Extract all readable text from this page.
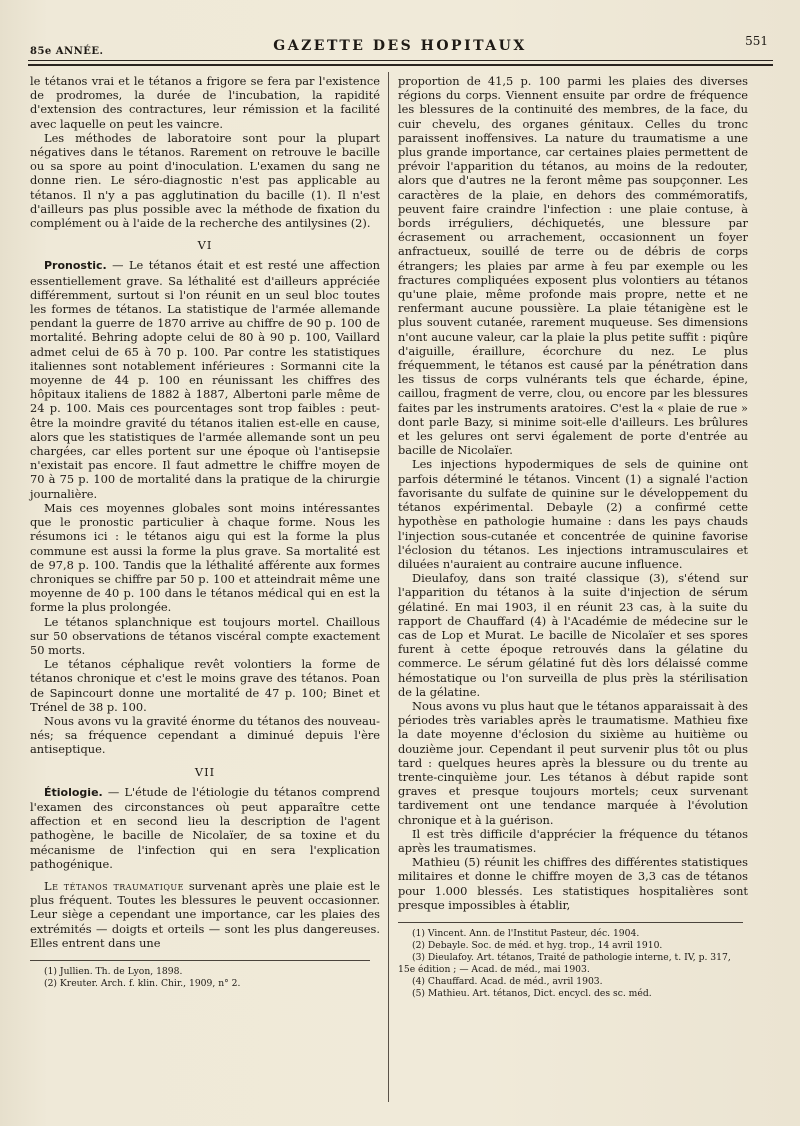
85e ANNÉE.	GAZETTE DES HOPITAUX	551

le tétanos vrai et le tétanos a frigore se fera par l'existence de prodromes, la durée de l'incubation, la rapidité d'extension des contractures, leur rémission et la facilité avec laquelle on peut les vaincre.

Les méthodes de laboratoire sont pour la plupart négatives dans le tétanos. Rarement on retrouve le bacille ou sa spore au point d'inoculation. L'examen du sang ne donne rien. Le séro-diagnostic n'est pas applicable au tétanos. Il n'y a pas agglutination du bacille (1). Il n'est d'ailleurs pas plus possible avec la méthode de fixation du complément ou à l'aide de la recherche des antilysines (2).

VI

Pronostic. — Le tétanos était et est resté une affection essentiellement grave. Sa léthalité est d'ailleurs appréciée différemment, surtout si l'on réunit en un seul bloc toutes les formes de tétanos. La statistique de l'armée allemande pendant la guerre de 1870 arrive au chiffre de 90 p. 100 de mortalité. Behring adopte celui de 80 à 90 p. 100, Vaillard admet celui de 65 à 70 p. 100. Par contre les statistiques italiennes sont notablement inférieures : Sormanni cite la moyenne de 44 p. 100 en réunissant les chiffres des hôpitaux italiens de 1882 à 1887, Albertoni parle même de 24 p. 100. Mais ces pourcentages sont trop faibles : peut-être la moindre gravité du tétanos italien est-elle en cause, alors que les statistiques de l'armée allemande sont un peu chargées, car elles portent sur une époque où l'antisepsie n'existait pas encore. Il faut admettre le chiffre moyen de 70 à 75 p. 100 de mortalité dans la pratique de la chirurgie journalière.

Mais ces moyennes globales sont moins intéressantes que le pronostic particulier à chaque forme. Nous les résumons ici : le tétanos aigu qui est la forme la plus commune est aussi la forme la plus grave. Sa mortalité est de 97,8 p. 100. Tandis que la léthalité afférente aux formes chroniques se chiffre par 50 p. 100 et atteindrait même une moyenne de 40 p. 100 dans le tétanos médical qui en est la forme la plus prolongée.

Le tétanos splanchnique est toujours mortel. Chaillous sur 50 observations de tétanos viscéral compte exactement 50 morts.

Le tétanos céphalique revêt volontiers la forme de tétanos chronique et c'est le moins grave des tétanos. Poan de Sapincourt donne une mortalité de 47 p. 100; Binet et Trénel de 38 p. 100.

Nous avons vu la gravité énorme du tétanos des nouveau-nés; sa fréquence cependant a diminué depuis l'ère antiseptique.

VII

Étiologie. — L'étude de l'étiologie du tétanos comprend l'examen des circonstances où peut apparaître cette affection et en second lieu la description de l'agent pathogène, le bacille de Nicolaïer, de sa toxine et du mécanisme de l'infection qui en sera l'explication pathogénique.

Le tétanos traumatique survenant après une plaie est le plus fréquent. Toutes les blessures le peuvent occasionner. Leur siège a cependant une importance, car les plaies des extrémités — doigts et orteils — sont les plus dangereuses. Elles entrent dans une

(1) Jullien. Th. de Lyon, 1898.

(2) Kreuter. Arch. f. klin. Chir., 1909, n° 2.

proportion de 41,5 p. 100 parmi les plaies des diverses régions du corps. Viennent ensuite par ordre de fréquence les blessures de la continuité des membres, de la face, du cuir chevelu, des organes génitaux. Celles du tronc paraissent inoffensives. La nature du traumatisme a une plus grande importance, car certaines plaies permettent de prévoir l'apparition du tétanos, au moins de la redouter, alors que d'autres ne la feront même pas soupçonner. Les caractères de la plaie, en dehors des commémoratifs, peuvent faire craindre l'infection : une plaie contuse, à bords irréguliers, déchiquetés, une blessure par écrasement ou arrachement, occasionnent un foyer anfractueux, souillé de terre ou de débris de corps étrangers; les plaies par arme à feu par exemple ou les fractures compliquées exposent plus volontiers au tétanos qu'une plaie, même profonde mais propre, nette et ne renfermant aucune poussière. La plaie tétanigène est le plus souvent cutanée, rarement muqueuse. Ses dimensions n'ont aucune valeur, car la plaie la plus petite suffit : piqûre d'aiguille, éraillure, écorchure du nez. Le plus fréquemment, le tétanos est causé par la pénétration dans les tissus de corps vulnérants tels que écharde, épine, caillou, fragment de verre, clou, ou encore par les blessures faites par les instruments aratoires. C'est la « plaie de rue » dont parle Bazy, si minime soit-elle d'ailleurs. Les brûlures et les gelures ont servi également de porte d'entrée au bacille de Nicolaïer.

Les injections hypodermiques de sels de quinine ont parfois déterminé le tétanos. Vincent (1) a signalé l'action favorisante du sulfate de quinine sur le développement du tétanos expérimental. Debayle (2) a confirmé cette hypothèse en pathologie humaine : dans les pays chauds l'injection sous-cutanée et concentrée de quinine favorise l'éclosion du tétanos. Les injections intramusculaires et diluées n'auraient au contraire aucune influence.

Dieulafoy, dans son traité classique (3), s'étend sur l'apparition du tétanos à la suite d'injection de sérum gélatiné. En mai 1903, il en réunit 23 cas, à la suite du rapport de Chauffard (4) à l'Académie de médecine sur le cas de Lop et Murat. Le bacille de Nicolaïer et ses spores furent à cette époque retrouvés dans la gélatine du commerce. Le sérum gélatiné fut dès lors délaissé comme hémostatique ou l'on surveilla de plus près la stérilisation de la gélatine.

Nous avons vu plus haut que le tétanos apparaissait à des périodes très variables après le traumatisme. Mathieu fixe la date moyenne d'éclosion du sixième au huitième ou douzième jour. Cependant il peut survenir plus tôt ou plus tard : quelques heures après la blessure ou du trente au trente-cinquième jour. Les tétanos à début rapide sont graves et presque toujours mortels; ceux survenant tardivement ont une tendance marquée à l'évolution chronique et à la guérison.

Il est très difficile d'apprécier la fréquence du tétanos après les traumatismes.

Mathieu (5) réunit les chiffres des différentes statistiques militaires et donne le chiffre moyen de 3,3 cas de tétanos pour 1.000 blessés. Les statistiques hospitalières sont presque impossibles à établir,

(1) Vincent. Ann. de l'Institut Pasteur, déc. 1904.

(2) Debayle. Soc. de méd. et hyg. trop., 14 avril 1910.

(3) Dieulafoy. Art. tétanos, Traité de pathologie interne, t. IV, p. 317, 15e édition ; — Acad. de méd., mai 1903.

(4) Chauffard. Acad. de méd., avril 1903.

(5) Mathieu. Art. tétanos, Dict. encycl. des sc. méd.
